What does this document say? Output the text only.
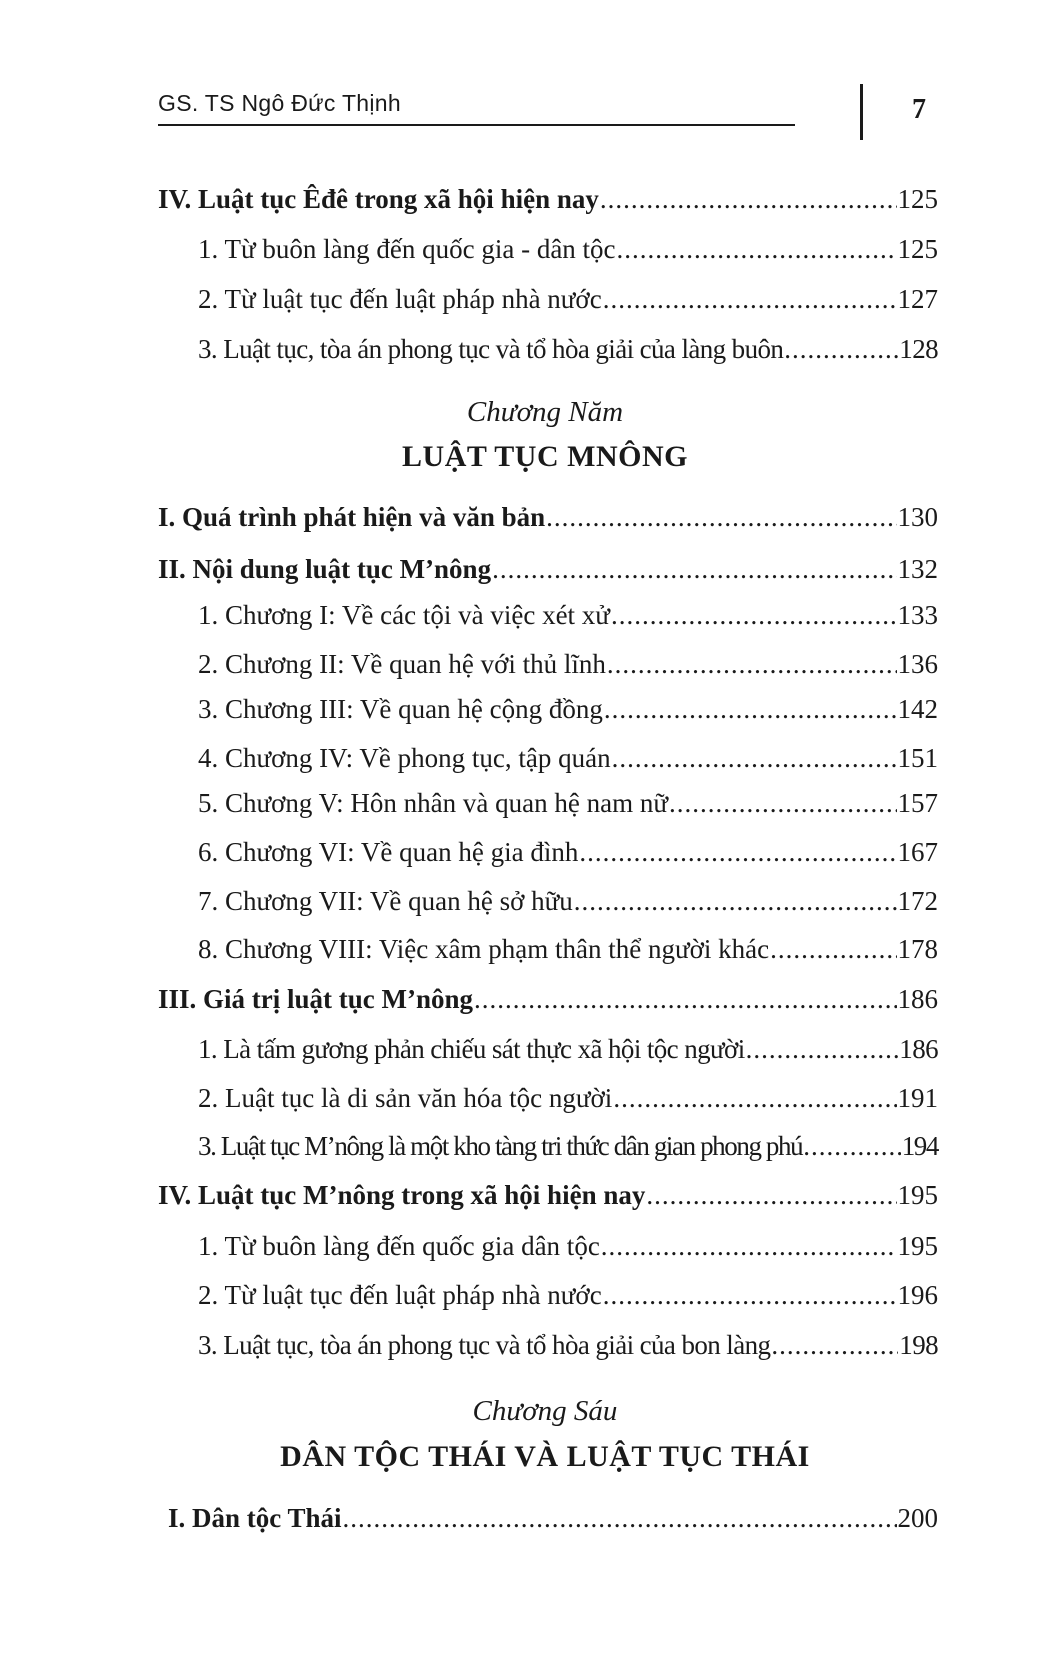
GS. TS Ngô Đức Thịnh	7
IV. Luật tục Êđê trong xã hội hiện nay .....	125
1. Từ buôn làng đến quốc gia - dân tộc .....	125
2. Từ luật tục đến luật pháp nhà nước .....	127
3. Luật tục, tòa án phong tục và tổ hòa giải của làng buôn .....	128
Chương Năm
LUẬT TỤC MNÔNG
I. Quá trình phát hiện và văn bản .....	130
II. Nội dung luật tục M’nông .....	132
1. Chương I: Về các tội và việc xét xử .....	133
2. Chương II: Về quan hệ với thủ lĩnh .....	136
3. Chương III: Về quan hệ cộng đồng .....	142
4. Chương IV: Về phong tục, tập quán .....	151
5. Chương V: Hôn nhân và quan hệ nam nữ .....	157
6. Chương VI: Về quan hệ gia đình .....	167
7. Chương VII: Về quan hệ sở hữu .....	172
8. Chương VIII: Việc xâm phạm thân thể người khác .....	178
III. Giá trị luật tục M’nông .....	186
1. Là tấm gương phản chiếu sát thực xã hội tộc người .....	186
2. Luật tục là di sản văn hóa tộc người .....	191
3. Luật tục M’nông là một kho tàng tri thức dân gian phong phú .....	194
IV. Luật tục M’nông trong xã hội hiện nay .....	195
1. Từ buôn làng đến quốc gia dân tộc .....	195
2. Từ luật tục đến luật pháp nhà nước .....	196
3. Luật tục, tòa án phong tục và tổ hòa giải của bon làng .....	198
Chương Sáu
DÂN TỘC THÁI VÀ LUẬT TỤC THÁI
I. Dân tộc Thái .....	200
